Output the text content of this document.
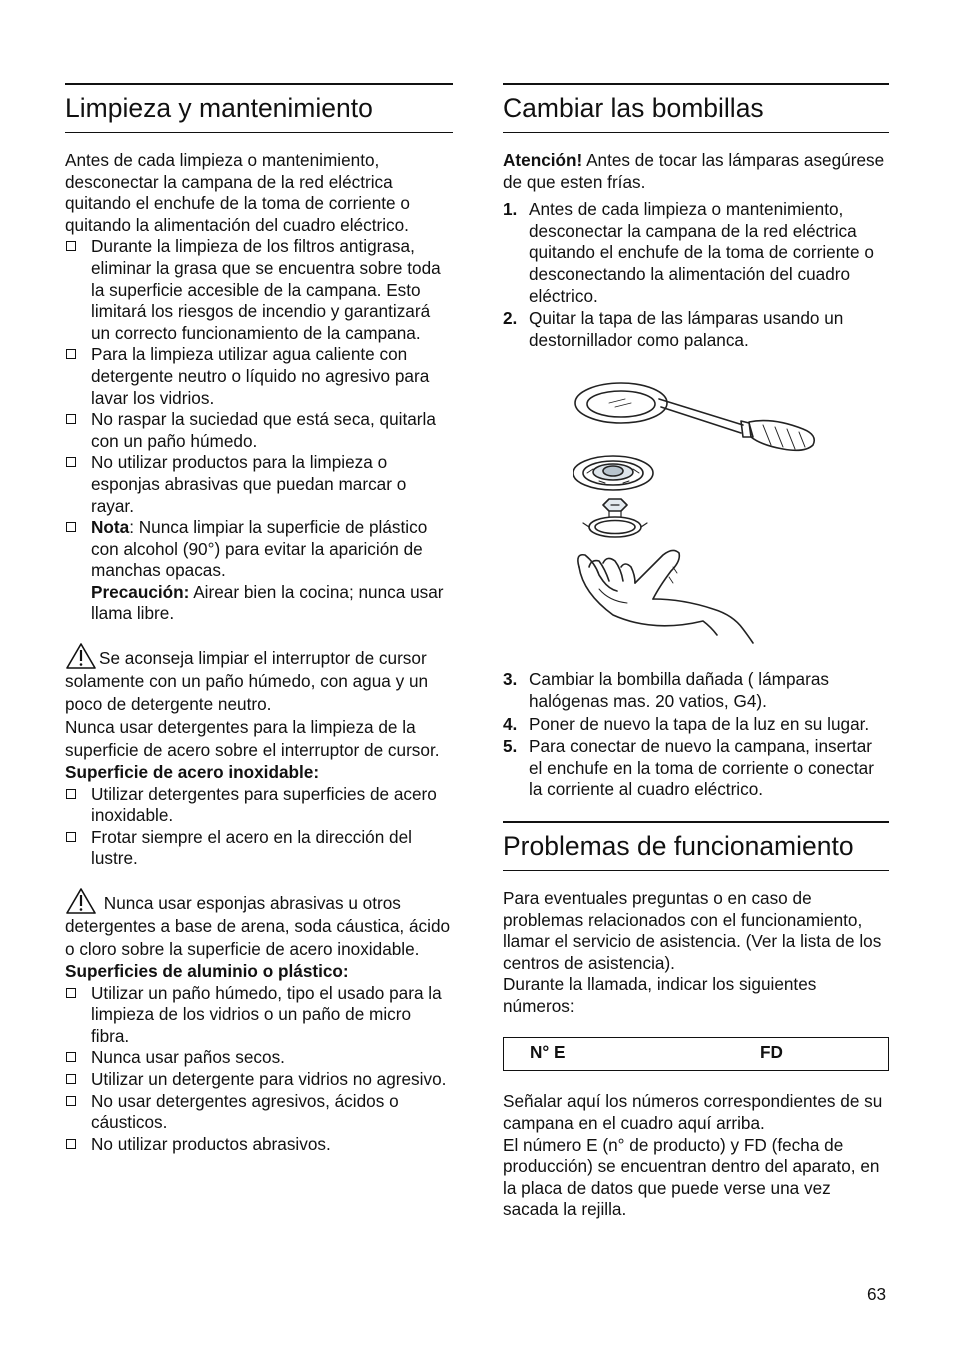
Limpieza y mantenimiento

Antes de cada limpieza o mantenimiento, desconectar la campana de la red eléctrica quitando el enchufe de la toma de corriente o quitando la alimentación del cuadro eléctrico.

Durante la limpieza de los filtros antigrasa, eliminar la grasa que se encuentra sobre toda la superficie accesible de la campana. Esto limitará los riesgos de incendio y garantizará un correcto funcionamiento de la campana.
Para la limpieza utilizar agua caliente con detergente neutro o líquido no agresivo para lavar los vidrios.
No raspar la suciedad que está seca, quitarla con un paño húmedo.
No utilizar productos para la limpieza o esponjas abrasivas que puedan marcar o rayar.
Nota: Nunca limpiar la superficie de plástico con alcohol (90°) para evitar la aparición de manchas opacas.
Precaución: Airear bien la cocina; nunca usar llama libre.

Se aconseja limpiar el interruptor de cursor solamente con un paño húmedo, con agua y un poco de detergente neutro.

Nunca usar detergentes para la limpieza de la superficie de acero sobre el interruptor de cursor.

Superficie de acero inoxidable:

Utilizar detergentes para superficies de acero inoxidable.
Frotar siempre el acero en la dirección del lustre.

Nunca usar esponjas abrasivas u otros detergentes a base de arena, soda cáustica, ácido o cloro sobre la superficie de acero inoxidable.

Superficies de aluminio o plástico:

Utilizar un paño húmedo, tipo el usado para la limpieza de los vidrios o un paño de micro fibra.
Nunca usar paños secos.
Utilizar un detergente para vidrios no agresivo.
No usar detergentes agresivos, ácidos o cáusticos.
No utilizar productos abrasivos.
Cambiar las bombillas

Atención! Antes de tocar las lámparas asegúrese de que esten frías.

1. Antes de cada limpieza o mantenimiento, desconectar la campana de la red eléctrica quitando el enchufe de la toma de corriente o desconectando la alimentación del cuadro eléctrico.
2. Quitar la tapa de las lámparas usando un destornillador como palanca.
3. Cambiar la bombilla dañada ( lámparas halógenas mas. 20 vatios, G4).
4. Poner de nuevo la tapa de la luz en su lugar.
5. Para conectar de nuevo la campana, insertar el enchufe en la toma de corriente o conectar la corriente al cuadro eléctrico.
Problemas de funcionamiento

Para eventuales preguntas o en caso de problemas relacionados con el funcionamiento, llamar el servicio de asistencia. (Ver la lista de los centros de asistencia).

Durante la llamada, indicar los siguientes números:

N° E	FD

Señalar aquí los números correspondientes de su campana en el cuadro aquí arriba.

El número E (n° de producto) y FD (fecha de producción) se encuentran dentro del aparato, en la placa de datos que puede verse una vez sacada la rejilla.

63
